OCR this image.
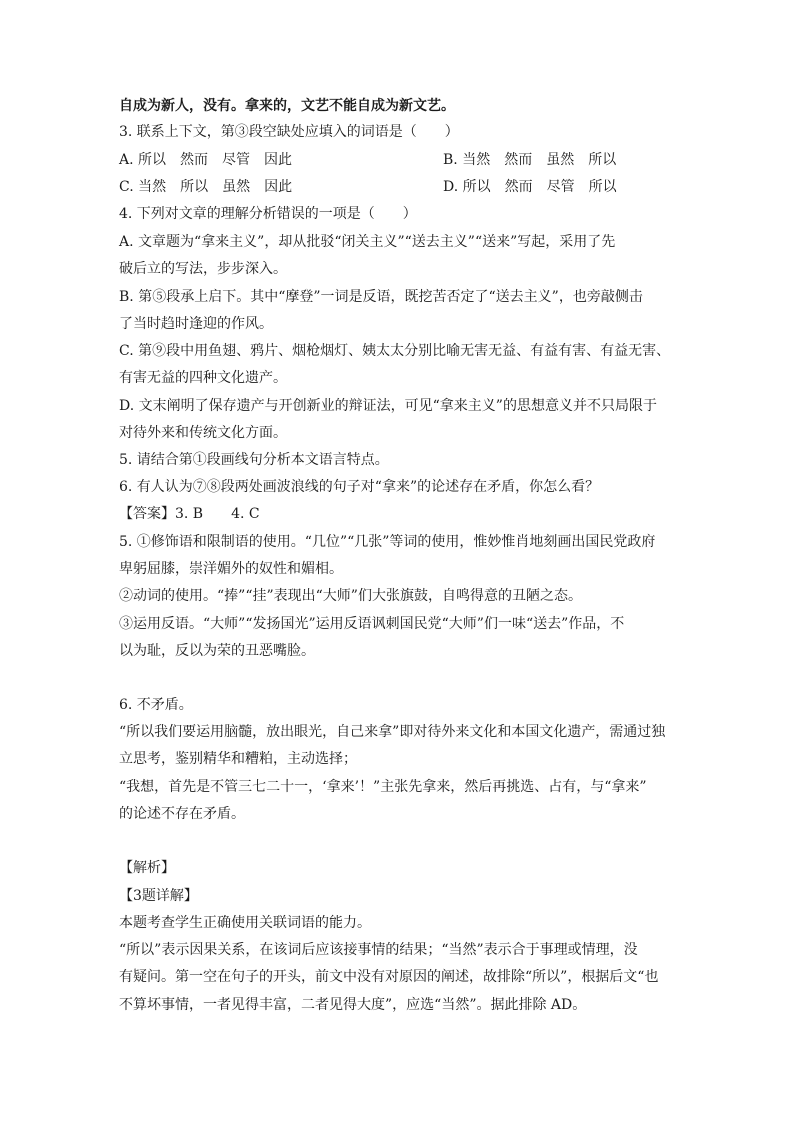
自成为新人，没有。拿来的，文艺不能自成为新文艺。
3. 联系上下文，第③段空缺处应填入的词语是（　　）
A. 所以　然而　尽管　因此	B. 当然　然而　虽然　所以
C. 当然　所以　虽然　因此	D. 所以　然而　尽管　所以
4. 下列对文章的理解分析错误的一项是（　　）
A. 文章题为“拿来主义”，却从批驳“闭关主义”“送去主义”“送来”写起，采用了先
破后立的写法，步步深入。
B. 第⑤段承上启下。其中“摩登”一词是反语，既挖苦否定了“送去主义”，也旁敲侧击
了当时趋时逢迎的作风。
C. 第⑨段中用鱼翅、鸦片、烟枪烟灯、姨太太分别比喻无害无益、有益有害、有益无害、
有害无益的四种文化遗产。
D. 文末阐明了保存遗产与开创新业的辩证法，可见“拿来主义”的思想意义并不只局限于
对待外来和传统文化方面。
5. 请结合第①段画线句分析本文语言特点。
6. 有人认为⑦⑧段两处画波浪线的句子对“拿来”的论述存在矛盾，你怎么看？
【答案】3. B　　4. C
5. ①修饰语和限制语的使用。“几位”“几张”等词的使用，惟妙惟肖地刻画出国民党政府
卑躬屈膝，崇洋媚外的奴性和媚相。
②动词的使用。“捧”“挂”表现出“大师”们大张旗鼓，自鸣得意的丑陋之态。
③运用反语。“大师”“发扬国光”运用反语讽刺国民党“大师”们一味“送去”作品，不
以为耻，反以为荣的丑恶嘴脸。
6. 不矛盾。
“所以我们要运用脑髓，放出眼光，自己来拿”即对待外来文化和本国文化遗产，需通过独
立思考，鉴别精华和糟粕，主动选择；
“我想，首先是不管三七二十一，‘拿来’！”主张先拿来，然后再挑选、占有，与“拿来”
的论述不存在矛盾。
【解析】
【3题详解】
本题考查学生正确使用关联词语的能力。
“所以”表示因果关系，在该词后应该接事情的结果；“当然”表示合于事理或情理，没
有疑问。第一空在句子的开头，前文中没有对原因的阐述，故排除“所以”，根据后文“也
不算坏事情，一者见得丰富，二者见得大度”，应选“当然”。据此排除 AD。
